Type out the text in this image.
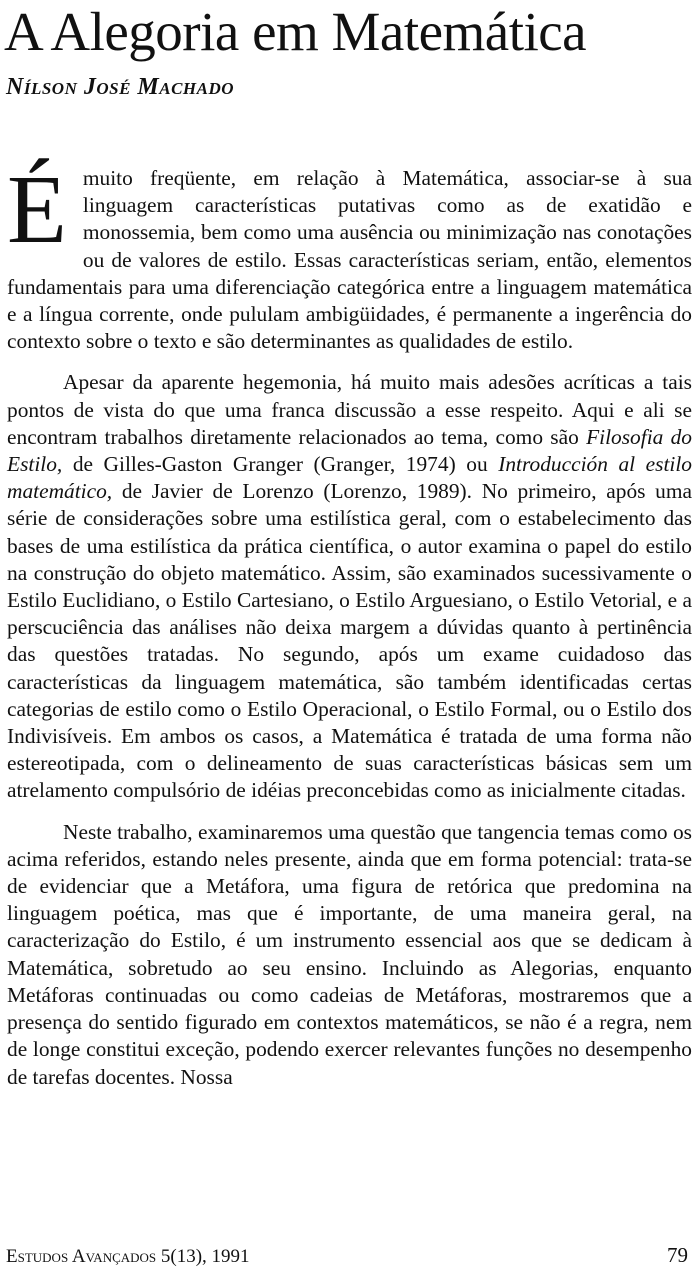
A Alegoria em Matemática
Nílson José Machado

Émuito freqüente, em relação à Matemática, associar-se à sua linguagem características putativas como as de exatidão e monossemia, bem como uma ausência ou minimização nas conotações ou de valores de estilo. Essas características seriam, então, elementos fundamentais para uma diferenciação categórica entre a linguagem matemática e a língua corrente, onde pululam ambigüidades, é permanente a ingerência do contexto sobre o texto e são determinantes as qualidades de estilo.

Apesar da aparente hegemonia, há muito mais adesões acríticas a tais pontos de vista do que uma franca discussão a esse respeito. Aqui e ali se encontram trabalhos diretamente relacionados ao tema, como são Filosofia do Estilo, de Gilles-Gaston Granger (Granger, 1974) ou Introducción al estilo matemático, de Javier de Lorenzo (Lorenzo, 1989). No primeiro, após uma série de considerações sobre uma estilística geral, com o estabelecimento das bases de uma estilística da prática científica, o autor examina o papel do estilo na construção do objeto matemático. Assim, são examinados sucessivamente o Estilo Euclidiano, o Estilo Cartesiano, o Estilo Arguesiano, o Estilo Vetorial, e a perscuciência das análises não deixa margem a dúvidas quanto à pertinência das questões tratadas. No segundo, após um exame cuidadoso das características da linguagem matemática, são também identificadas certas categorias de estilo como o Estilo Operacional, o Estilo Formal, ou o Estilo dos Indivisíveis. Em ambos os casos, a Matemática é tratada de uma forma não estereotipada, com o delineamento de suas características básicas sem um atrelamento compulsório de idéias preconcebidas como as inicialmente citadas.

Neste trabalho, examinaremos uma questão que tangencia temas como os acima referidos, estando neles presente, ainda que em forma potencial: trata-se de evidenciar que a Metáfora, uma figura de retórica que predomina na linguagem poética, mas que é importante, de uma maneira geral, na caracterização do Estilo, é um instrumento essencial aos que se dedicam à Matemática, sobretudo ao seu ensino. Incluindo as Alegorias, enquanto Metáforas continuadas ou como cadeias de Metáforas, mostraremos que a presença do sentido figurado em contextos matemáticos, se não é a regra, nem de longe constitui exceção, podendo exercer relevantes funções no desempenho de tarefas docentes. Nossa

Estudos Avançados 5(13), 1991	79
